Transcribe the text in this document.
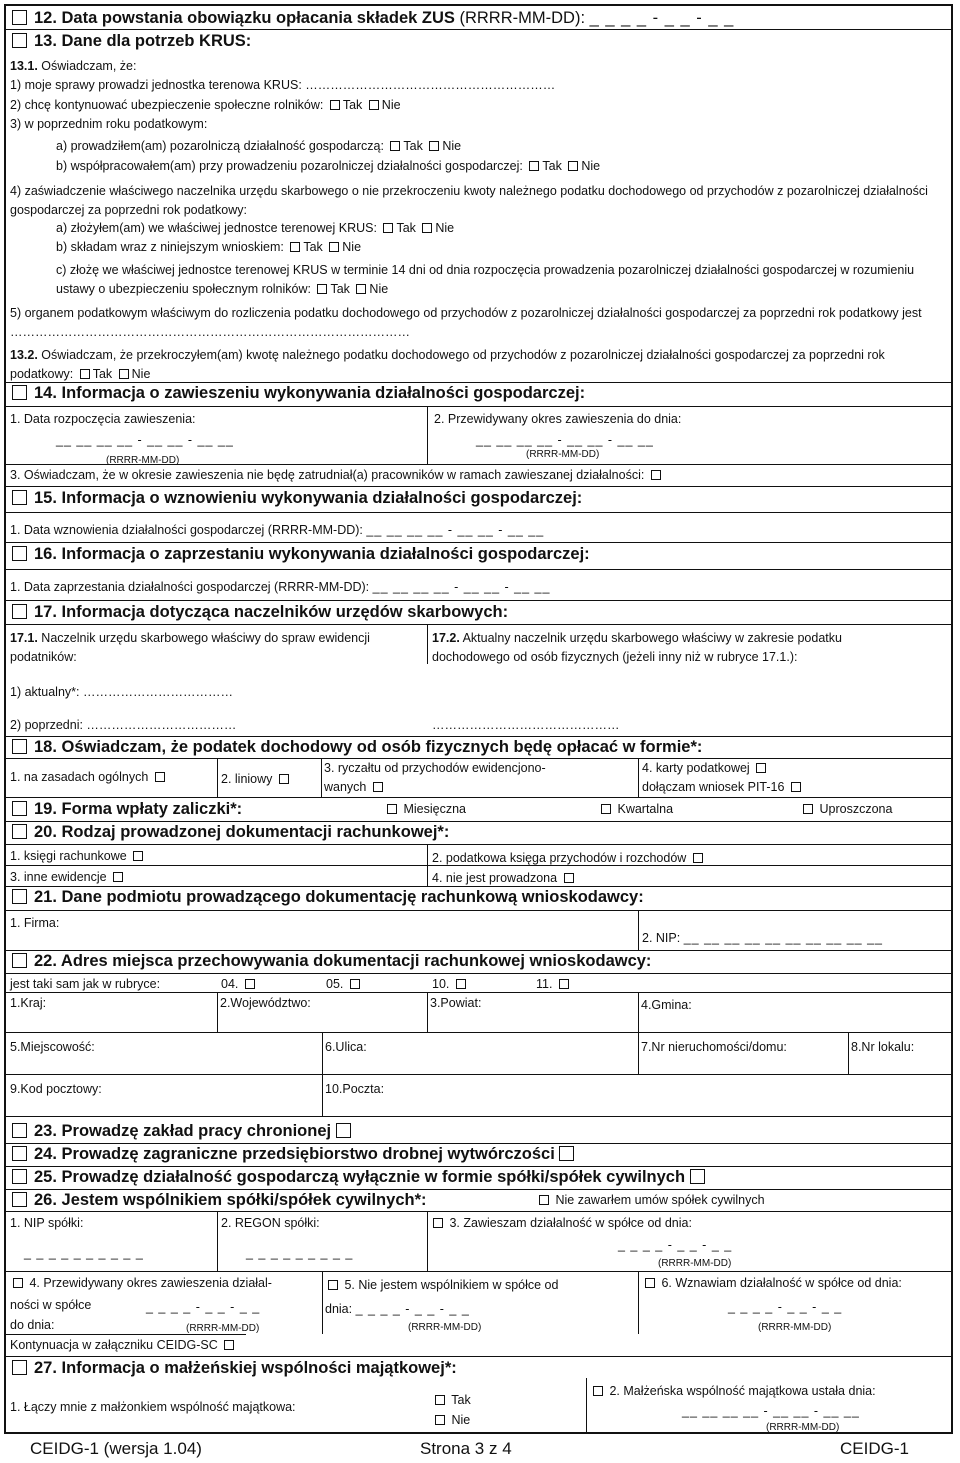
12. Data powstania obowiązku opłacania składek ZUS (RRRR-MM-DD): _ _ _ _ - _ _ - _ _
13. Dane dla potrzeb KRUS:
13.1. Oświadczam, że:
1) moje sprawy prowadzi jednostka terenowa KRUS: ……………………………………………………
2) chcę kontynuować ubezpieczenie społeczne rolników: Tak Nie
3) w poprzednim roku podatkowym:
a) prowadziłem(am) pozarolniczą działalność gospodarczą: Tak Nie
b) współpracowałem(am) przy prowadzeniu pozarolniczej działalności gospodarczej: Tak Nie
4) zaświadczenie właściwego naczelnika urzędu skarbowego o nie przekroczeniu kwoty należnego podatku dochodowego od przychodów z pozarolniczej działalności gospodarczej za poprzedni rok podatkowy:
a) złożyłem(am) we właściwej jednostce terenowej KRUS: Tak Nie
b) składam wraz z niniejszym wnioskiem: Tak Nie
c) złożę we właściwej jednostce terenowej KRUS w terminie 14 dni od dnia rozpoczęcia prowadzenia pozarolniczej działalności gospodarczej w rozumieniu ustawy o ubezpieczeniu społecznym rolników: Tak Nie
5) organem podatkowym właściwym do rozliczenia podatku dochodowego od przychodów z pozarolniczej działalności gospodarczej za poprzedni rok podatkowy jest ……………………………………………………………………………………
13.2. Oświadczam, że przekroczyłem(am) kwotę należnego podatku dochodowego od przychodów z pozarolniczej działalności gospodarczej za poprzedni rok podatkowy: Tak Nie
14. Informacja o zawieszeniu wykonywania działalności gospodarczej:
1. Data rozpoczęcia zawieszenia:
__ __ __ __ - __ __ - __ __
(RRRR-MM-DD)
2. Przewidywany okres zawieszenia do dnia:
__ __ __ __ - __ __ - __ __
(RRRR-MM-DD)
3. Oświadczam, że w okresie zawieszenia nie będę zatrudniał(a) pracowników w ramach zawieszanej działalności:
15. Informacja o wznowieniu wykonywania działalności gospodarczej:
1. Data wznowienia działalności gospodarczej (RRRR-MM-DD): __ __ __ __ - __ __ - __ __
16. Informacja o zaprzestaniu wykonywania działalności gospodarczej:
1. Data zaprzestania działalności gospodarczej (RRRR-MM-DD): __ __ __ __ - __ __ - __ __
17. Informacja dotycząca naczelników urzędów skarbowych:
17.1. Naczelnik urzędu skarbowego właściwy do spraw ewidencji podatników:
17.2. Aktualny naczelnik urzędu skarbowego właściwy w zakresie podatku dochodowego od osób fizycznych (jeżeli inny niż w rubryce 17.1.):
1) aktualny*: ………………………………
2) poprzedni: ………………………………	………………………………………
18. Oświadczam, że podatek dochodowy od osób fizycznych będę opłacać w formie*:
1. na zasadach ogólnych	2. liniowy
3. ryczałtu od przychodów ewidencjono-
wanych
4. karty podatkowej
dołączam wniosek PIT-16
19. Forma wpłaty zaliczki*:	Miesięczna	Kwartalna	Uproszczona
20. Rodzaj prowadzonej dokumentacji rachunkowej*:
1. księgi rachunkowe	2. podatkowa księga przychodów i rozchodów
3. inne ewidencje	4. nie jest prowadzona
21. Dane podmiotu prowadzącego dokumentację rachunkową wnioskodawcy:
1. Firma:
2. NIP: __ __ __ __ __ __ __ __ __ __
22. Adres miejsca przechowywania dokumentacji rachunkowej wnioskodawcy:
jest taki sam jak w rubryce:	04.	05.	10.	11.
1.Kraj:	2.Województwo:	3.Powiat:	4.Gmina:
5.Miejscowość:	6.Ulica:	7.Nr nieruchomości/domu:	8.Nr lokalu:
9.Kod pocztowy:	10.Poczta:
23. Prowadzę zakład pracy chronionej
24. Prowadzę zagraniczne przedsiębiorstwo drobnej wytwórczości
25. Prowadzę działalność gospodarczą wyłącznie w formie spółki/spółek cywilnych
26. Jestem wspólnikiem spółki/spółek cywilnych*:	Nie zawarłem umów spółek cywilnych
1. NIP spółki:
_ _ _ _ _ _ _ _ _ _
2. REGON spółki:
_ _ _ _ _ _ _ _ _
3. Zawieszam działalność w spółce od dnia:
_ _ _ _ - _ _ - _ _
(RRRR-MM-DD)
4. Przewidywany okres zawieszenia działal-
ności w spółce	_ _ _ _ - _ _ - _ _
do dnia:	(RRRR-MM-DD)
5. Nie jestem wspólnikiem w spółce od
dnia: _ _ _ _ - _ _ - _ _
(RRRR-MM-DD)
6. Wznawiam działalność w spółce od dnia:
_ _ _ _ - _ _ - _ _
(RRRR-MM-DD)
Kontynuacja w załączniku CEIDG-SC
27. Informacja o małżeńskiej wspólności majątkowej*:
1. Łączy mnie z małżonkiem wspólność majątkowa:	Tak
Nie
2. Małżeńska wspólność majątkowa ustała dnia:
__ __ __ __ - __ __ - __ __
(RRRR-MM-DD)
CEIDG-1 (wersja 1.04)	Strona 3 z 4	CEIDG-1
